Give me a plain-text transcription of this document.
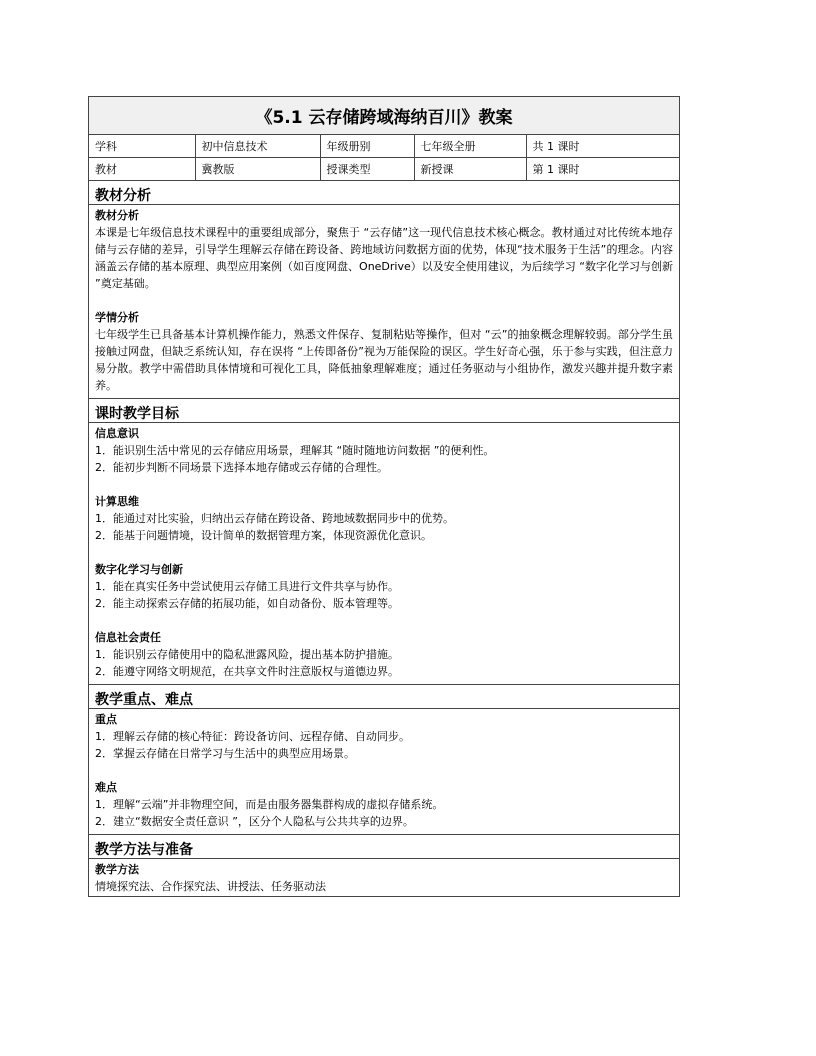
《5.1 云存储跨域海纳百川》教案
学科	初中信息技术	年级册别	七年级全册	共 1 课时
教材	冀教版	授课类型	新授课	第 1 课时
教材分析
教材分析
本课是七年级信息技术课程中的重要组成部分，聚焦于 “云存储”这一现代信息技术核心概念。教材通过对比传统本地存储与云存储的差异，引导学生理解云存储在跨设备、跨地域访问数据方面的优势，体现“技术服务于生活”的理念。内容涵盖云存储的基本原理、典型应用案例（如百度网盘、OneDrive）以及安全使用建议，为后续学习 “数字化学习与创新 ”奠定基础。
学情分析
七年级学生已具备基本计算机操作能力，熟悉文件保存、复制粘贴等操作，但对 “云”的抽象概念理解较弱。部分学生虽接触过网盘，但缺乏系统认知，存在误将 “上传即备份”视为万能保险的误区。学生好奇心强，乐于参与实践，但注意力易分散。教学中需借助具体情境和可视化工具，降低抽象理解难度；通过任务驱动与小组协作，激发兴趣并提升数字素养。
课时教学目标
信息意识
1．能识别生活中常见的云存储应用场景，理解其 “随时随地访问数据 ”的便利性。
2．能初步判断不同场景下选择本地存储或云存储的合理性。
计算思维
1．能通过对比实验，归纳出云存储在跨设备、跨地域数据同步中的优势。
2．能基于问题情境，设计简单的数据管理方案，体现资源优化意识。
数字化学习与创新
1．能在真实任务中尝试使用云存储工具进行文件共享与协作。
2．能主动探索云存储的拓展功能，如自动备份、版本管理等。
信息社会责任
1．能识别云存储使用中的隐私泄露风险，提出基本防护措施。
2．能遵守网络文明规范，在共享文件时注意版权与道德边界。
教学重点、难点
重点
1．理解云存储的核心特征：跨设备访问、远程存储、自动同步。
2．掌握云存储在日常学习与生活中的典型应用场景。
难点
1．理解“云端”并非物理空间，而是由服务器集群构成的虚拟存储系统。
2．建立“数据安全责任意识 ”，区分个人隐私与公共共享的边界。
教学方法与准备
教学方法
情境探究法、合作探究法、讲授法、任务驱动法
